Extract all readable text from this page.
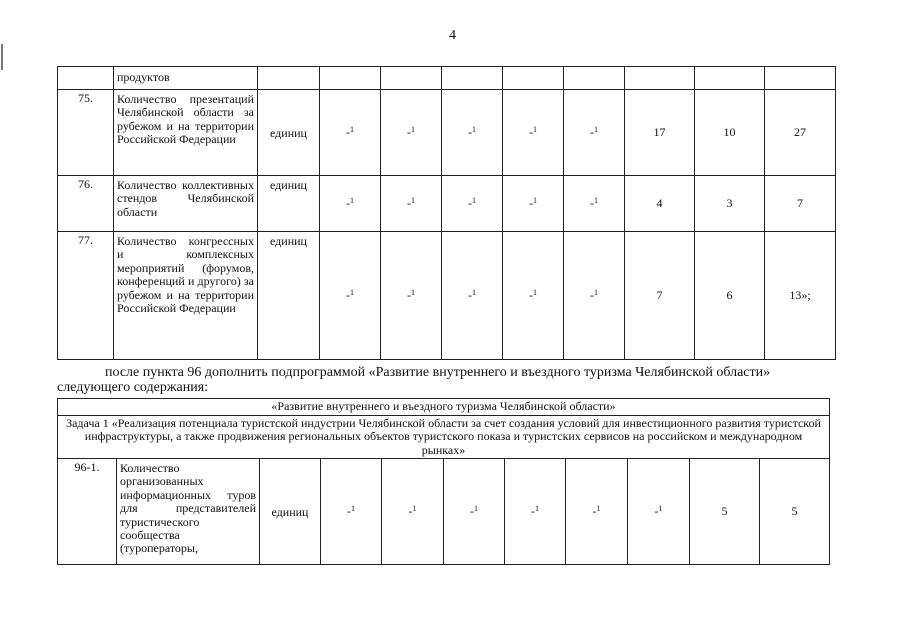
4
	продуктов									
75.	Количество презентаций Челябинской области за рубежом и на территории Российской Федерации	единиц	-$^1$	-$^1$	-$^1$	-$^1$	-$^1$	17	10	27
76.	Количество коллективных стендов Челябинской области	единиц	-$^1$	-$^1$	-$^1$	-$^1$	-$^1$	4	3	7
77.	Количество конгрессных и комплексных мероприятий (форумов, конференций и другого) за рубежом и на территории Российской Федерации	единиц	-$^1$	-$^1$	-$^1$	-$^1$	-$^1$	7	6	13»;
после пункта 96 дополнить подпрограммой «Развитие внутреннего и въездного туризма Челябинской области»
следующего содержания:
«Развитие внутреннего и въездного туризма Челябинской области»
Задача 1 «Реализация потенциала туристской индустрии Челябинской области за счет создания условий для инвестиционного развития туристской инфраструктуры, а также продвижения региональных объектов туристского показа и туристских сервисов на российском и международном рынках»
96-1.	Количество организованных информационных туров для представителей туристического сообщества (туроператоры,	единиц	-$^1$	-$^1$	-$^1$	-$^1$	-$^1$	-$^1$	5	5
